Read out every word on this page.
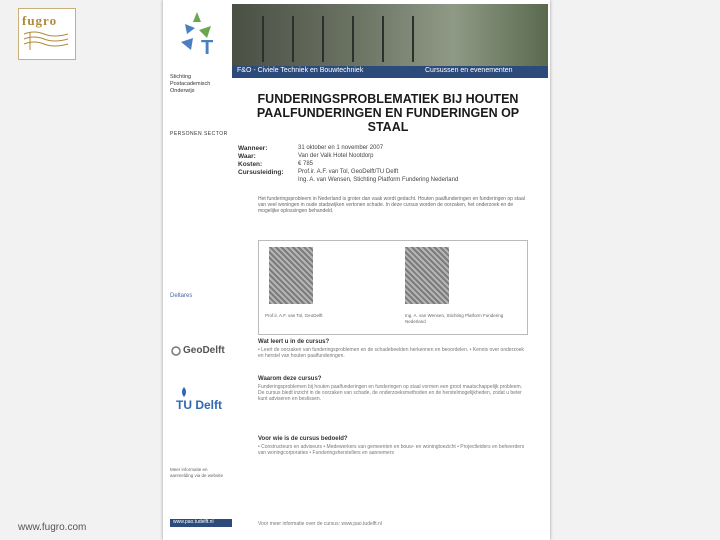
fugro
T
F&O - Civiele Techniek en Bouwtechniek	Cursussen en evenementen
Stichting
Postacademisch
Onderwijs
FUNDERINGSPROBLEMATIEK BIJ HOUTEN PAALFUNDERINGEN EN FUNDERINGEN OP STAAL
PERSONEN SECTOR
Wanneer:	31 oktober en 1 november 2007
Waar:	Van der Valk Hotel Nootdorp
Kosten:	€ 785
Cursusleiding: Prof.ir. A.F. van Tol, GeoDelft/TU Delft
Ing. A. van Wensen, Stichting Platform Fundering Nederland
Het funderingsprobleem in Nederland is groter dan vaak wordt gedacht. Houten paalfunderingen en funderingen op staal van veel woningen in oude stadswijken vertonen schade. In deze cursus worden de oorzaken, het onderzoek en de mogelijke oplossingen behandeld.
Prof.ir. A.F. van Tol, GeoDelft	Ing. A. van Wensen, Stichting Platform Fundering Nederland
Wat leert u in de cursus?
• Leert de oorzaken van funderingsproblemen en de schadebeelden herkennen en beoordelen. • Kennis over onderzoek en herstel van houten paalfunderingen.
Waarom deze cursus?
Funderingsproblemen bij houten paalfunderingen en funderingen op staal vormen een groot maatschappelijk probleem. De cursus biedt inzicht in de oorzaken van schade, de onderzoeksmethoden en de herstelmogelijkheden, zodat u beter kunt adviseren en beslissen.
Voor wie is de cursus bedoeld?
• Constructeurs en adviseurs • Medewerkers van gemeenten en bouw- en woningtoezicht • Projectleiders en beheerders van woningcorporaties • Funderingsherstellers en aannemers
Deltares
GeoDelft
TU Delft
Meer informatie en aanmelding via de website
www.pao.tudelft.nl	Voor meer informatie over de cursus: www.pao.tudelft.nl
www.fugro.com
